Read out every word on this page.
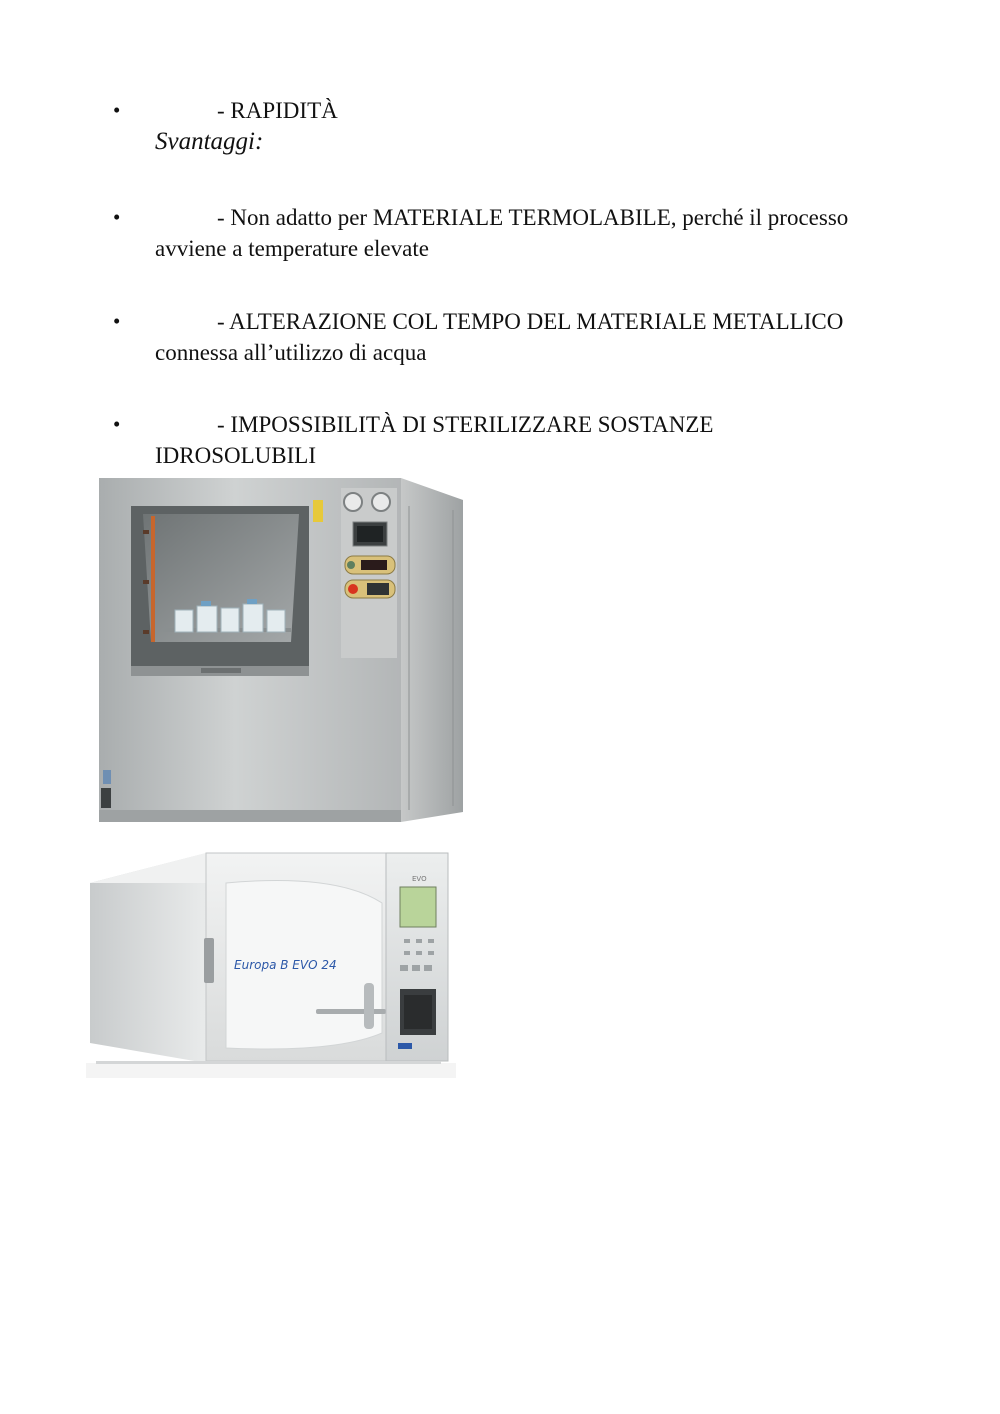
•	- RAPIDITÀ
Svantaggi:
•	- Non adatto per MATERIALE TERMOLABILE, perché il processo
avviene a temperature elevate
•	- ALTERAZIONE COL TEMPO DEL MATERIALE METALLICO
connessa all’utilizzo di acqua
•	- IMPOSSIBILITÀ DI STERILIZZARE SOSTANZE
IDROSOLUBILI
Europa B EVO 24
EVO
